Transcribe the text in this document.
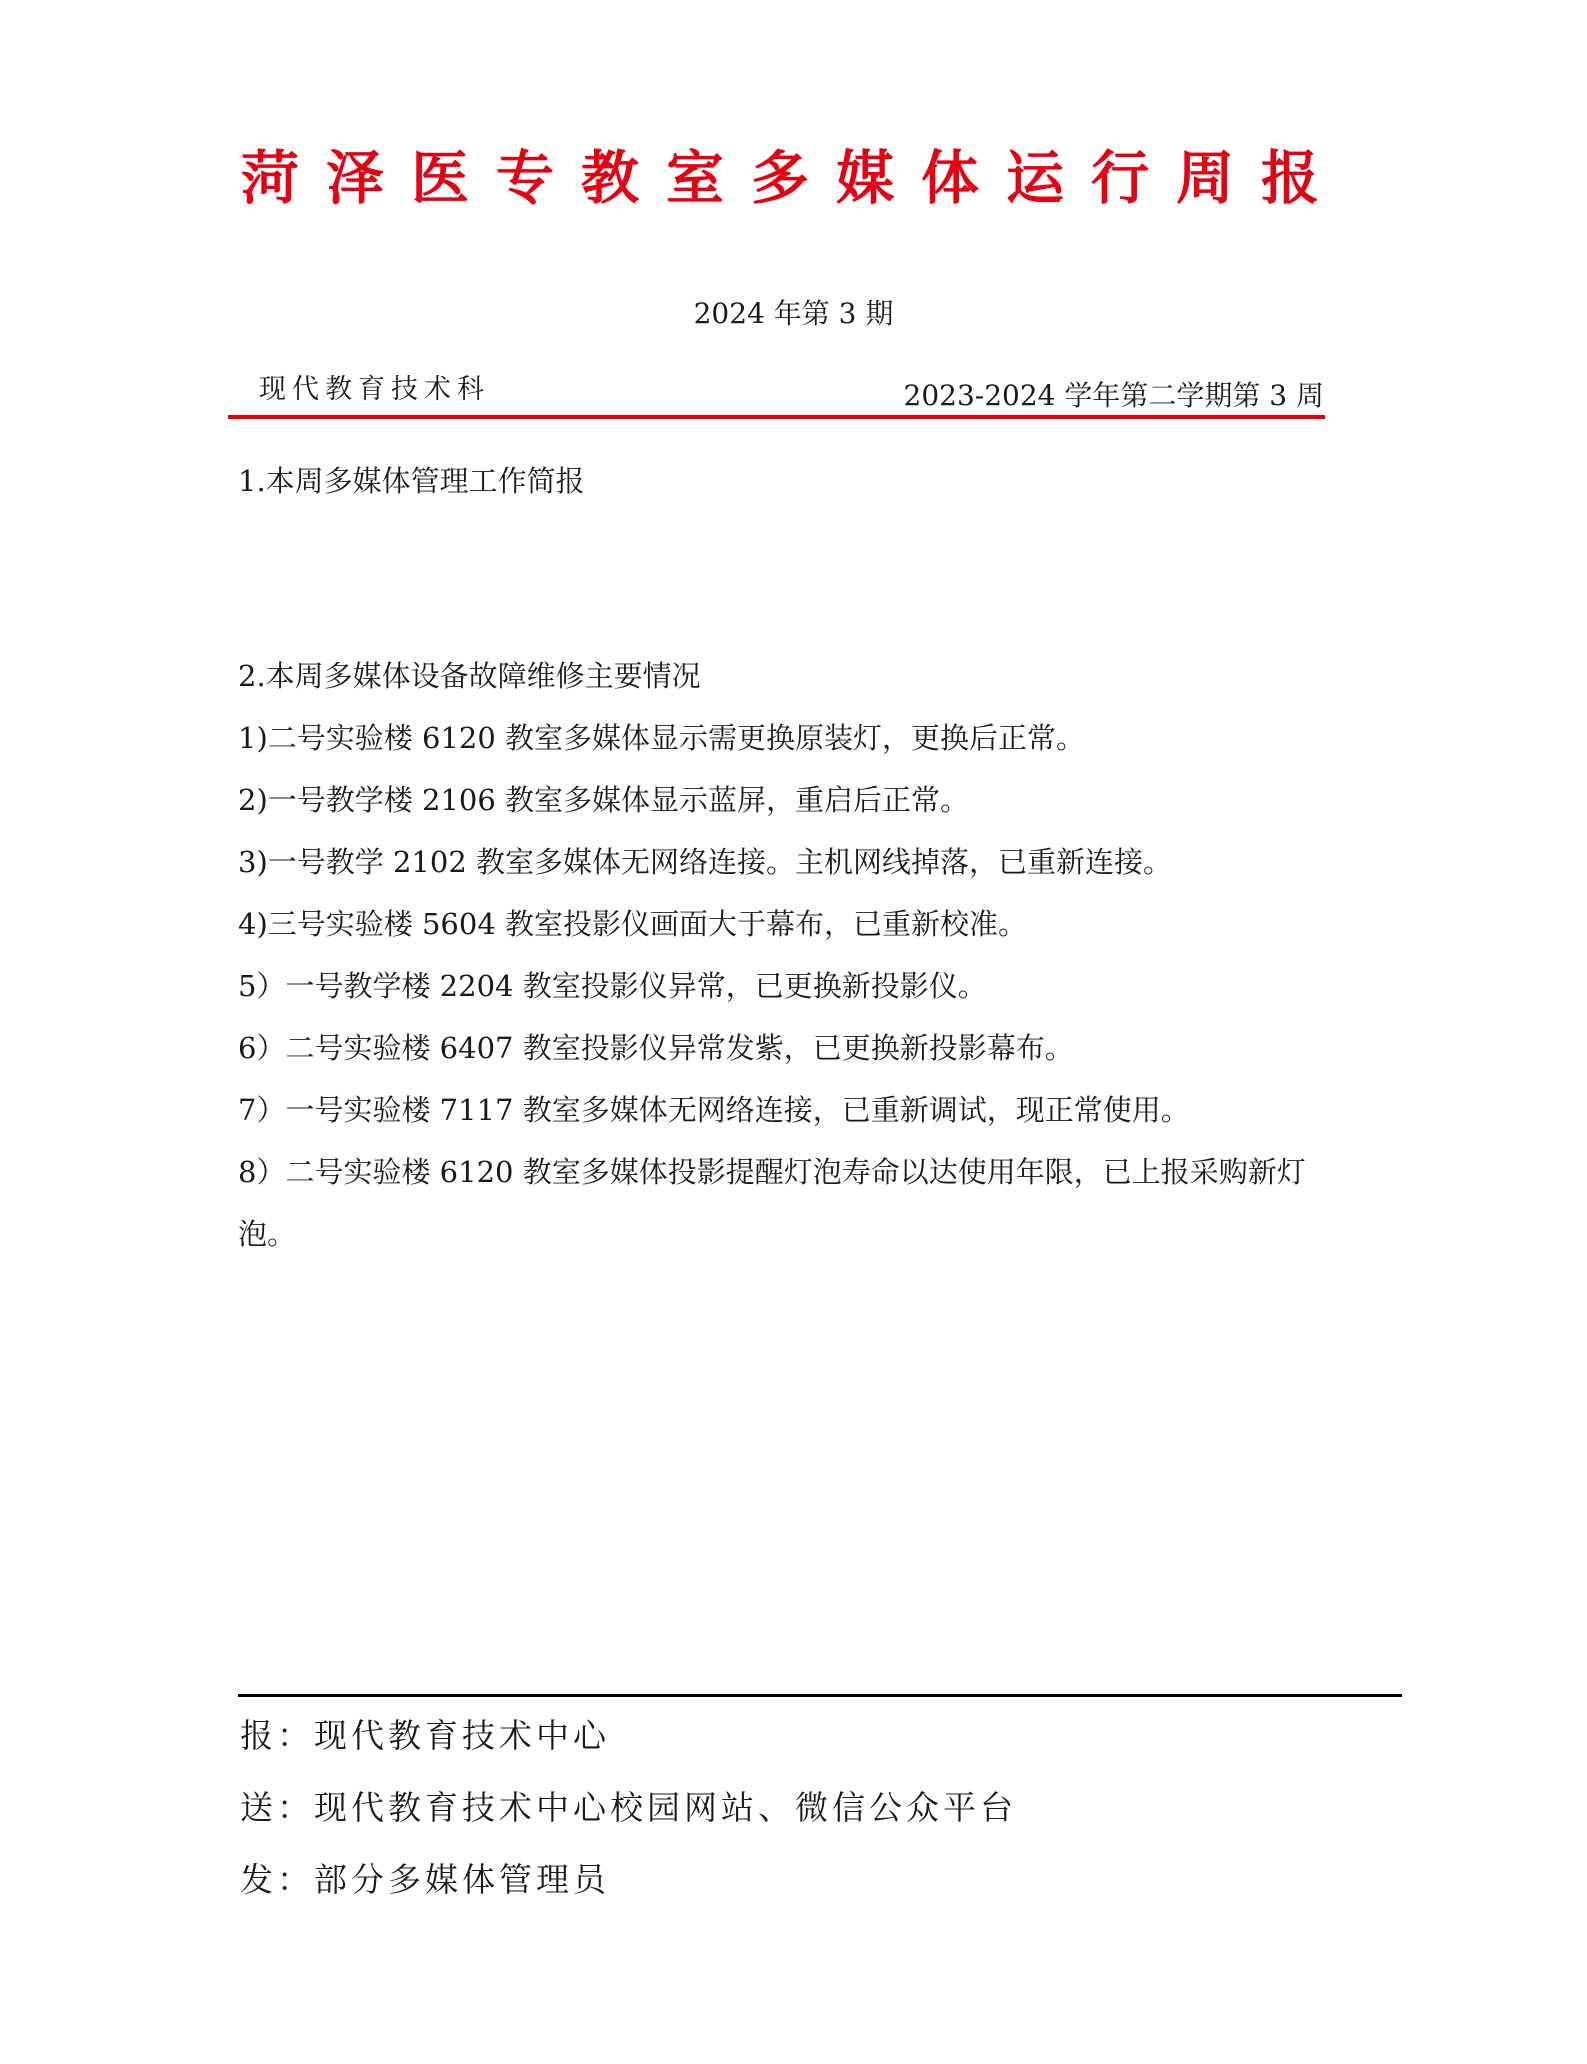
菏泽医专教室多媒体运行周报
2024 年第 3 期
现代教育技术科	2023-2024 学年第二学期第 3 周
1.本周多媒体管理工作简报

2.本周多媒体设备故障维修主要情况

1)二号实验楼 6120 教室多媒体显示需更换原装灯，更换后正常。

2)一号教学楼 2106 教室多媒体显示蓝屏，重启后正常。

3)一号教学 2102 教室多媒体无网络连接。主机网线掉落，已重新连接。

4)三号实验楼 5604 教室投影仪画面大于幕布，已重新校准。

5）一号教学楼 2204 教室投影仪异常，已更换新投影仪。

6）二号实验楼 6407 教室投影仪异常发紫，已更换新投影幕布。

7）一号实验楼 7117 教室多媒体无网络连接，已重新调试，现正常使用。

8）二号实验楼 6120 教室多媒体投影提醒灯泡寿命以达使用年限，已上报采购新灯泡。

报：现代教育技术中心

送：现代教育技术中心校园网站、微信公众平台

发：部分多媒体管理员
